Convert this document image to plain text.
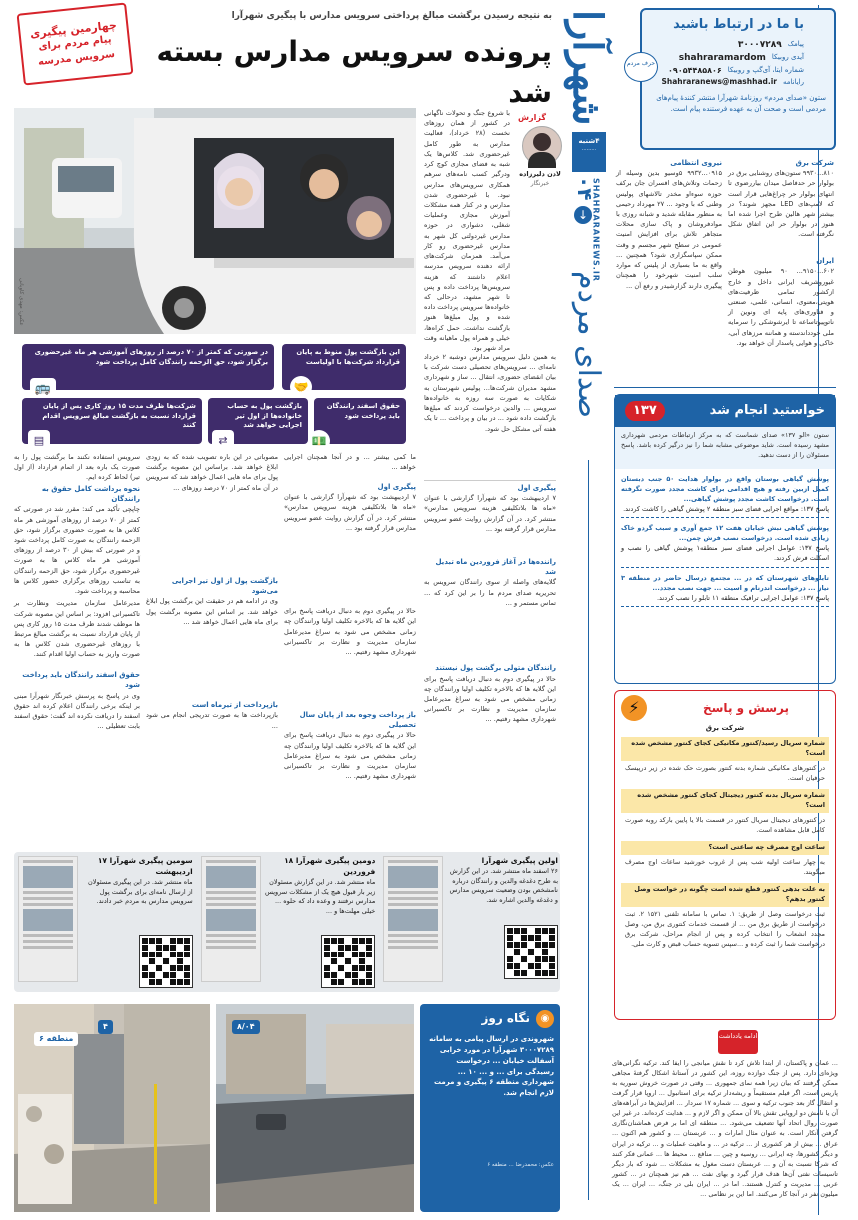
شهرآرا
۴شنبه
.........
SHAHRARANEWS.IR
۰۴
↓
صدای مردم
با ما در ارتباط باشید
پیامک
۳۰۰۰۷۲۸۹
آیدی روبیکا
shahraramardom
شماره ایتا، آی‌گپ و روبیکا
۰۹۰۵۴۴۸۵۸۰۶
رایانامه
Shahraranews@mashhad.ir
ستون «صدای مردم» روزنامهٔ شهرآرا منتشر کنندهٔ پیام‌های مردمی است و صحت آن به عهده فرستنده پیام است.
حرف مردم
شرکت برق
۸۱۰...۹۹۳۰ ستون‌های روشنایی برق در بولوار حر حدفاصل میدان بیاررضوی تا انتهای بولوار حر چراغ‌هایی قرار است که لامپ‌های LED مجهز شوند؟ در بیشتر شهر هالین طرح اجرا شده اما هنوز در بولوار حر این اتفاق شکل نگرفته است.
ایران
۶۰۲...۹۱۵۰... ۹۰ میلیون هوطن غیوروشریف ایرانی داخل و خارج ازکشور تمامی ظرفیت‌های هویتی،معنوی، انسانی، علمی، صنعتی و فناوری‌های پایه ای ونوین از ناتوپیوتا‌ساعه تا ایرشوشکی را سرمایه ملی خودداندسته و هماننه مرزهای آبی، خاکی و هوایی پاسدار آن خواهد بود.
نیروی انتظامی
۰۹۱۵...۹۹۳۲ ۵وسیو بدین وسیله از زحمات وتلاش‌های افسران جان برکف حوزه سوءاو مخدر تالاشهای پولیس وطنی که با وجود ... ۲۷ مهرداد رحیمی به منظور مقابله شدید و شبانه روزی با موادفروشان و پاک سازی محلات متجاهر تلاش برای افزایش امنیت عمومی در سطح شهر مجسم و وقت ممکن سپاسگزاری شود؟ همچنین ... واقع به ما بسیاری از پلیس که موارد سلب امنیت شهرخود را همچنان پیگیری دارند گزارشیدر و رفع آن ...
خواستید انجام شد
۱۳۷
ستون «الو ۱۳۷» صدای شماست که به مرکز ارتباطات مردمی شهرداری مشهد رسیده است. شاید موضوعی مشابه شما را نیز درگیر کرده باشد. پاسخ مسئولان را از دست ندهید.
پوشش گیاهی بوستان واقع در بولوار هدایت ۵۰ جنب دبستان کمیل ازبین رفته و هیچ اقدامی برای کاشت مجدد صورت نگرفته است. درخواست کاشت مجدد پوشش گیاهی...
پاسخ ۱۳۷: مواقع اجرایی فضای سبز منطقه ۲ پوشش گیاهی را کاشت کردند.
پوشش گیاهی نبش خیابان هفت ۱۲ جمع آوری و سبب گردو خاک زیادی شده است. درخواست نصب فرش چمن...
پاسخ ۱۳۷: عوامل اجرایی فضای سبز منطقه۱ پوشش گیاهی را نصب و اسکلت فرش کردند.
تابلوهای شهرستان که در ... مجتمع درسال حاضر در منطقه ۳ نیاز ... درخواست اندرنام و اسیت ... جهت نصب مجدد...
پاسخ ۱۳۷: عوامل اجرایی ترافیک منطقه ۱۱ تابلو را نصب کردند.
پرسش و پاسخ
⚡
شرکت برق
شماره سریال رسید/کنتور مکانیکی کجای کنتور مشخص شده است؟
در کنتورهای مکانیکی شماره بدنه کنتور بصورت حک شده در زیر درپیسک حرفیان است.
شماره سریال بدنه کنتور دیجیتال کجای کنتور مشخص شده است؟
در کنتورهای دیجیتال سریال کنتور در قسمت بالا یا پایین بارکد روبه صورت کامل قابل مشاهده است.
ساعت اوج مصرف چه ساعتی است؟
به چهار ساعت اولیه شب پس از غروب خورشید ساعات اوج مصرف میگویند.
به علت بدهی کنتور قطع شده است چگونه در خواست وصل کنتور بدهم؟
ثبت درخواست وصل از طریق: ۱. تماس با سامانه تلفنی ۱۵۲۱ ۲. ثبت درخواست از طریق برق من ... از قسمت خدمات کنتوری برق من، وصل مجدد انشعاب را انتخاب کرده و پس از انجام مراحل، شرکت برق درخواست شما را ثبت کرده و ...سپس تسویه حساب قبض و کارت ملی.
ادامه یادداشت
... عمان و پاکستان، از ابتدا تلاش کرد تا نقش میانجی را ایفا کند. ترکیه نگرانی‌های ویژه‌ای دارد. پس از جنگ دوازده روزه، این کشور در آستانهٔ اشکال گرفتهٔ مجاهی ممکن گرفتند که بیان زیرا همه نمای جمهوری ... وقتی در صورت خروش سوریه به پاریس است، اگر فیلم مستقیماً و ریشه‌دار ترکیه برای استانبول ... اروپا قرار گرفت و انتقال گاز بعد جنوب ترکیه و سوی ... شماره ۱۷ سردار ... افزایش‌ها در آبراهه‌های آن یا نامش دو اروپایی تقش بالا آن ممکن و اگر لازم و ... هدایت کرده‌اند. در غیر این صورت روال اتحاد آنها تضعیف می‌شود. ... منطقه ای اما بر فرض هماشنان‌نگاری گرفتن آنکار است. به عنوان مثال امارات و ... عربستان ... و کشور هم اکنون ... عراق ... بیش از هر کشوری از ... ترکیه در ... و ماهیت عملیات و ... ترکیه در ایران و دیگر کشورها، چه ایرانی ... روسیه و چین ... منافع ... محیط ها ... عمانی فکر کنند که شرکا نسبت به آن و ... عربستان دست مغول به مشکلات ... شود که بار دیگر تاسیسات نفتی آن‌ها هدف قرار گیرد و بهای نفت ... هم نیز همچنان در ... کشور عربی ... مدیریت و کنترل هستند.. اما در ... ایران بلی در جنگ، ... ایران ... یک میلیون نفر در آنجا کار می‌کنند. اما این بر نظامی ...
به نتیجه رسیدن برگشت مبالغ پرداختی سرویس مدارس با پیگیری شهرآرا
پرونده سرویس مدارس بسته شد
چهارمین پیگیری
پیام مردم برای
سرویس مدرسه
عکس: مهدی کاویانی
گزارش
لادن دلیرزاده
خبرنگار
با شروع جنگ و تحولات ناگهانی در کشور از همان روزهای نخست (۲۸ خرداد)، فعالیت مدارس به طور کامل غیرحضوری شد. کلاس‌ها یک شبه به فضای مجازی کوچ کرد ودرگیر کسب نامه‌های سرهم همکاری سرویس‌های مدارس نبود. با غیرحضوری شدن مدارس و در کنار همه مشکلات آموزش مجازی وعملیات شغلی، دشواری در حوزه مدارس غیردولتی کل شهر به مدارس غیرحضوری رو کار می‌آمد. همزمان شرکت‌های ارائه دهنده سرویس مدرسه اعلام داشتند که هزینه سرویس‌ها پرداخت داده و پس تا شهر مشهد، درحالی که خانواده‌ها سرویس پرداخت داده شده و پول مبلغ‌ها هنوز بازگشت نداشت. حمل کراه‌ها، خیلی و همراه پول ماهیانه وقت مراد شهر بود.
این بازگشت پول منوط به پایان قرارداد شرکت‌ها با اولیاست
🤝
در صورتی که کمتر از ۷۰ درصد از روزهای آموزشی هر ماه غیرحضوری برگزار شود، حق الزحمه رانندگان کامل پرداخت شود
🚌
حقوق اسفند رانندگان باید پرداخت شود
💵
بازگشت پول به حساب خانواده‌ها از اول تیر اجرایی خواهد شد
⇄
شرکت‌ها ظرف مدت ۱۵ روز کاری پس از پایان قرارداد نسبت به بازگشت مبالغ سرویس اقدام کنند
▤
به همین دلیل سرویس مدارس دوشبه ۲ خرداد نامه‌ای ... سرویس‌های تحصیلی دست شرکت با بیان انقضای حضوری، انتقال ... ساز و شهرداری مشهد مدیران شرکت‌ها... پولیس شهرستان به شکایات به صورت سه روزه به خانواده‌ها سرویس ... والدین درخواست کردند که مبلغ‌ها بازگشت داده شود ... در بیان و پرداخت ... تا یک هفته آتی مشکل حل شود.
پیگیری اول
۷ اردیبهشت بود که شهرآرا گزارشی با عنوان «ماه ها بلاتکلیفی هزینه سرویس مدارس» منتشر کرد. در آن گزارش روایت عضو سرویس مدارس قرار گرفته بود ...
راننده‌ها در آغاز فروردین ماه تبدیل شد
گلایه‌های واصله از سوی رانندگان سرویس به تحریریه صدای مردم ما را بر این کرد که ... تماس مستمر و ...
رانندگان متولی برگشت پول نیستند
حالا در پیگیری دوم به دنبال دریافت پاسخ برای این گلایه ها که بالاخره تکلیف اولیا ورانندگان چه زمانی مشخص می شود به سراغ مدیرعامل سازمان مدیریت و نظارت بر تاکسیرانی شهرداری مشهد رفتیم. ...
ما کمی بیشتر ... و در آنجا همچنان اجرایی خواهد ...
پیگیری اول
۷ اردیبهشت بود که شهرآرا گزارشی با عنوان «ماه ها بلاتکلیفی هزینه سرویس مدارس» منتشر کرد. در آن گزارش روایت عضو سرویس مدارس قرار گرفته بود ...
حالا در پیگیری دوم به دنبال دریافت پاسخ برای این گلایه ها که بالاخره تکلیف اولیا ورانندگان چه زمانی مشخص می شود به سراغ مدیرعامل سازمان مدیریت و نظارت بر تاکسیرانی شهرداری مشهد رفتیم. ...
باز پرداخت وجوه بعد از پایان سال تحصیلی
حالا در پیگیری دوم به دنبال دریافت پاسخ برای این گلایه ها که بالاخره تکلیف اولیا ورانندگان چه زمانی مشخص می شود به سراغ مدیرعامل سازمان مدیریت و نظارت بر تاکسیرانی شهرداری مشهد رفتیم. ...
مصوباتی در این باره تصویب شده که به زودی ابلاغ خواهد شد. براساس این مصوبه برگشت پول برای ماه هایی اعمال خواهد شد که سرویس در آن ماه کمتر از ۷۰ درصد روزهای ...
بازگشت پول از اول تیر اجرایی می‌شود
وی در ادامه هم در حقیقت این برگشت پول ابلاغ خواهد شد. بر اساس این مصوبه برگشت پول برای ماه هایی اعمال خواهد شد ...
بازپرداخت از تیرماه است
بازپرداخت ها به صورت تدریجی انجام می شود ...
سرویس استفاده نکنند ما برگشت پول را به صورت یک باره بعد از اتمام قرارداد (از اول تیر) لحاظ کرده ایم.
نحوه برداشت کامل حقوق به رانندگان
چاپچی تأکید می کند: مقرر شد در صورتی که کمتر از ۷۰ درصد از روزهای آموزشی هر ماه کلاس ها به صورت حضوری برگزار شود، حق الزحمه رانندگان به صورت کامل پرداخت شود و در صورتی که بیش از ۳۰ درصد از روزهای آموزشی هر ماه کلاس ها به صورت غیرحضوری برگزار شود، حق الزحمه رانندگان به تناسب روزهای برگزاری حضور کلاس ها محاسبه و پرداخت شود.
مدیرعامل سازمان مدیریت ونظارت بر تاکسیرانی افزود: بر اساس این مصوبه شرکت ها موظف شدند ظرف مدت ۱۵ روز کاری پس از پایان قرارداد نسبت به برگشت مبالغ مرتبط با روزهای غیرحضوری شدن کلاس ها به صورت واریز به حساب اولیا اقدام کنند.
حقوق اسفند رانندگان باید پرداخت شود
وی در پاسخ به پرسش خبرنگار شهرآرا مبنی بر اینکه برخی رانندگان اعلام کرده اند حقوق اسفند را دریافت نکرده اند گفت: حقوق اسفند بابت تعطیلی ...
اولین پیگیری شهرآرا
۲۶ اسفند ماه منتشر شد. در این گزارش به طرح دغدغه والدین و رانندگان درباره نامشخص بودن وضعیت سرویس مدارس و دغدغه والدین اشاره شد.
دومین پیگیری شهرآرا ۱۸ فروردین
ماه منتشر شد. در این گزارش مسئولان زیر بار قبول هیچ یک از مشکلات سرویس مدارس نرفتند و وعده داد که حلوه ... خیلی مهلت‌ها و ...
سومین پیگیری شهرآرا ۱۷ اردیبهشت
ماه منتشر شد. در این پیگیری مسئولان از ارسال نامه‌ای برای برگشت پول سرویس مدارس به مردم خبر دادند.
◉
نگاه روز
شهروندی در ارسال پیامی به سامانه ۳۰۰۰۷۲۸۹ شهرآرا در مورد خرابی آسفالت خیابان ... درخواست رسیدگی برای ... و ... ۱۰ ... شهرداری منطقه ۶ پیگیری و مرمت لازم انجام شد.
عکس: محمدرضا ... منطقه ۶
منطقه ۶
۴	۸/۰۴
